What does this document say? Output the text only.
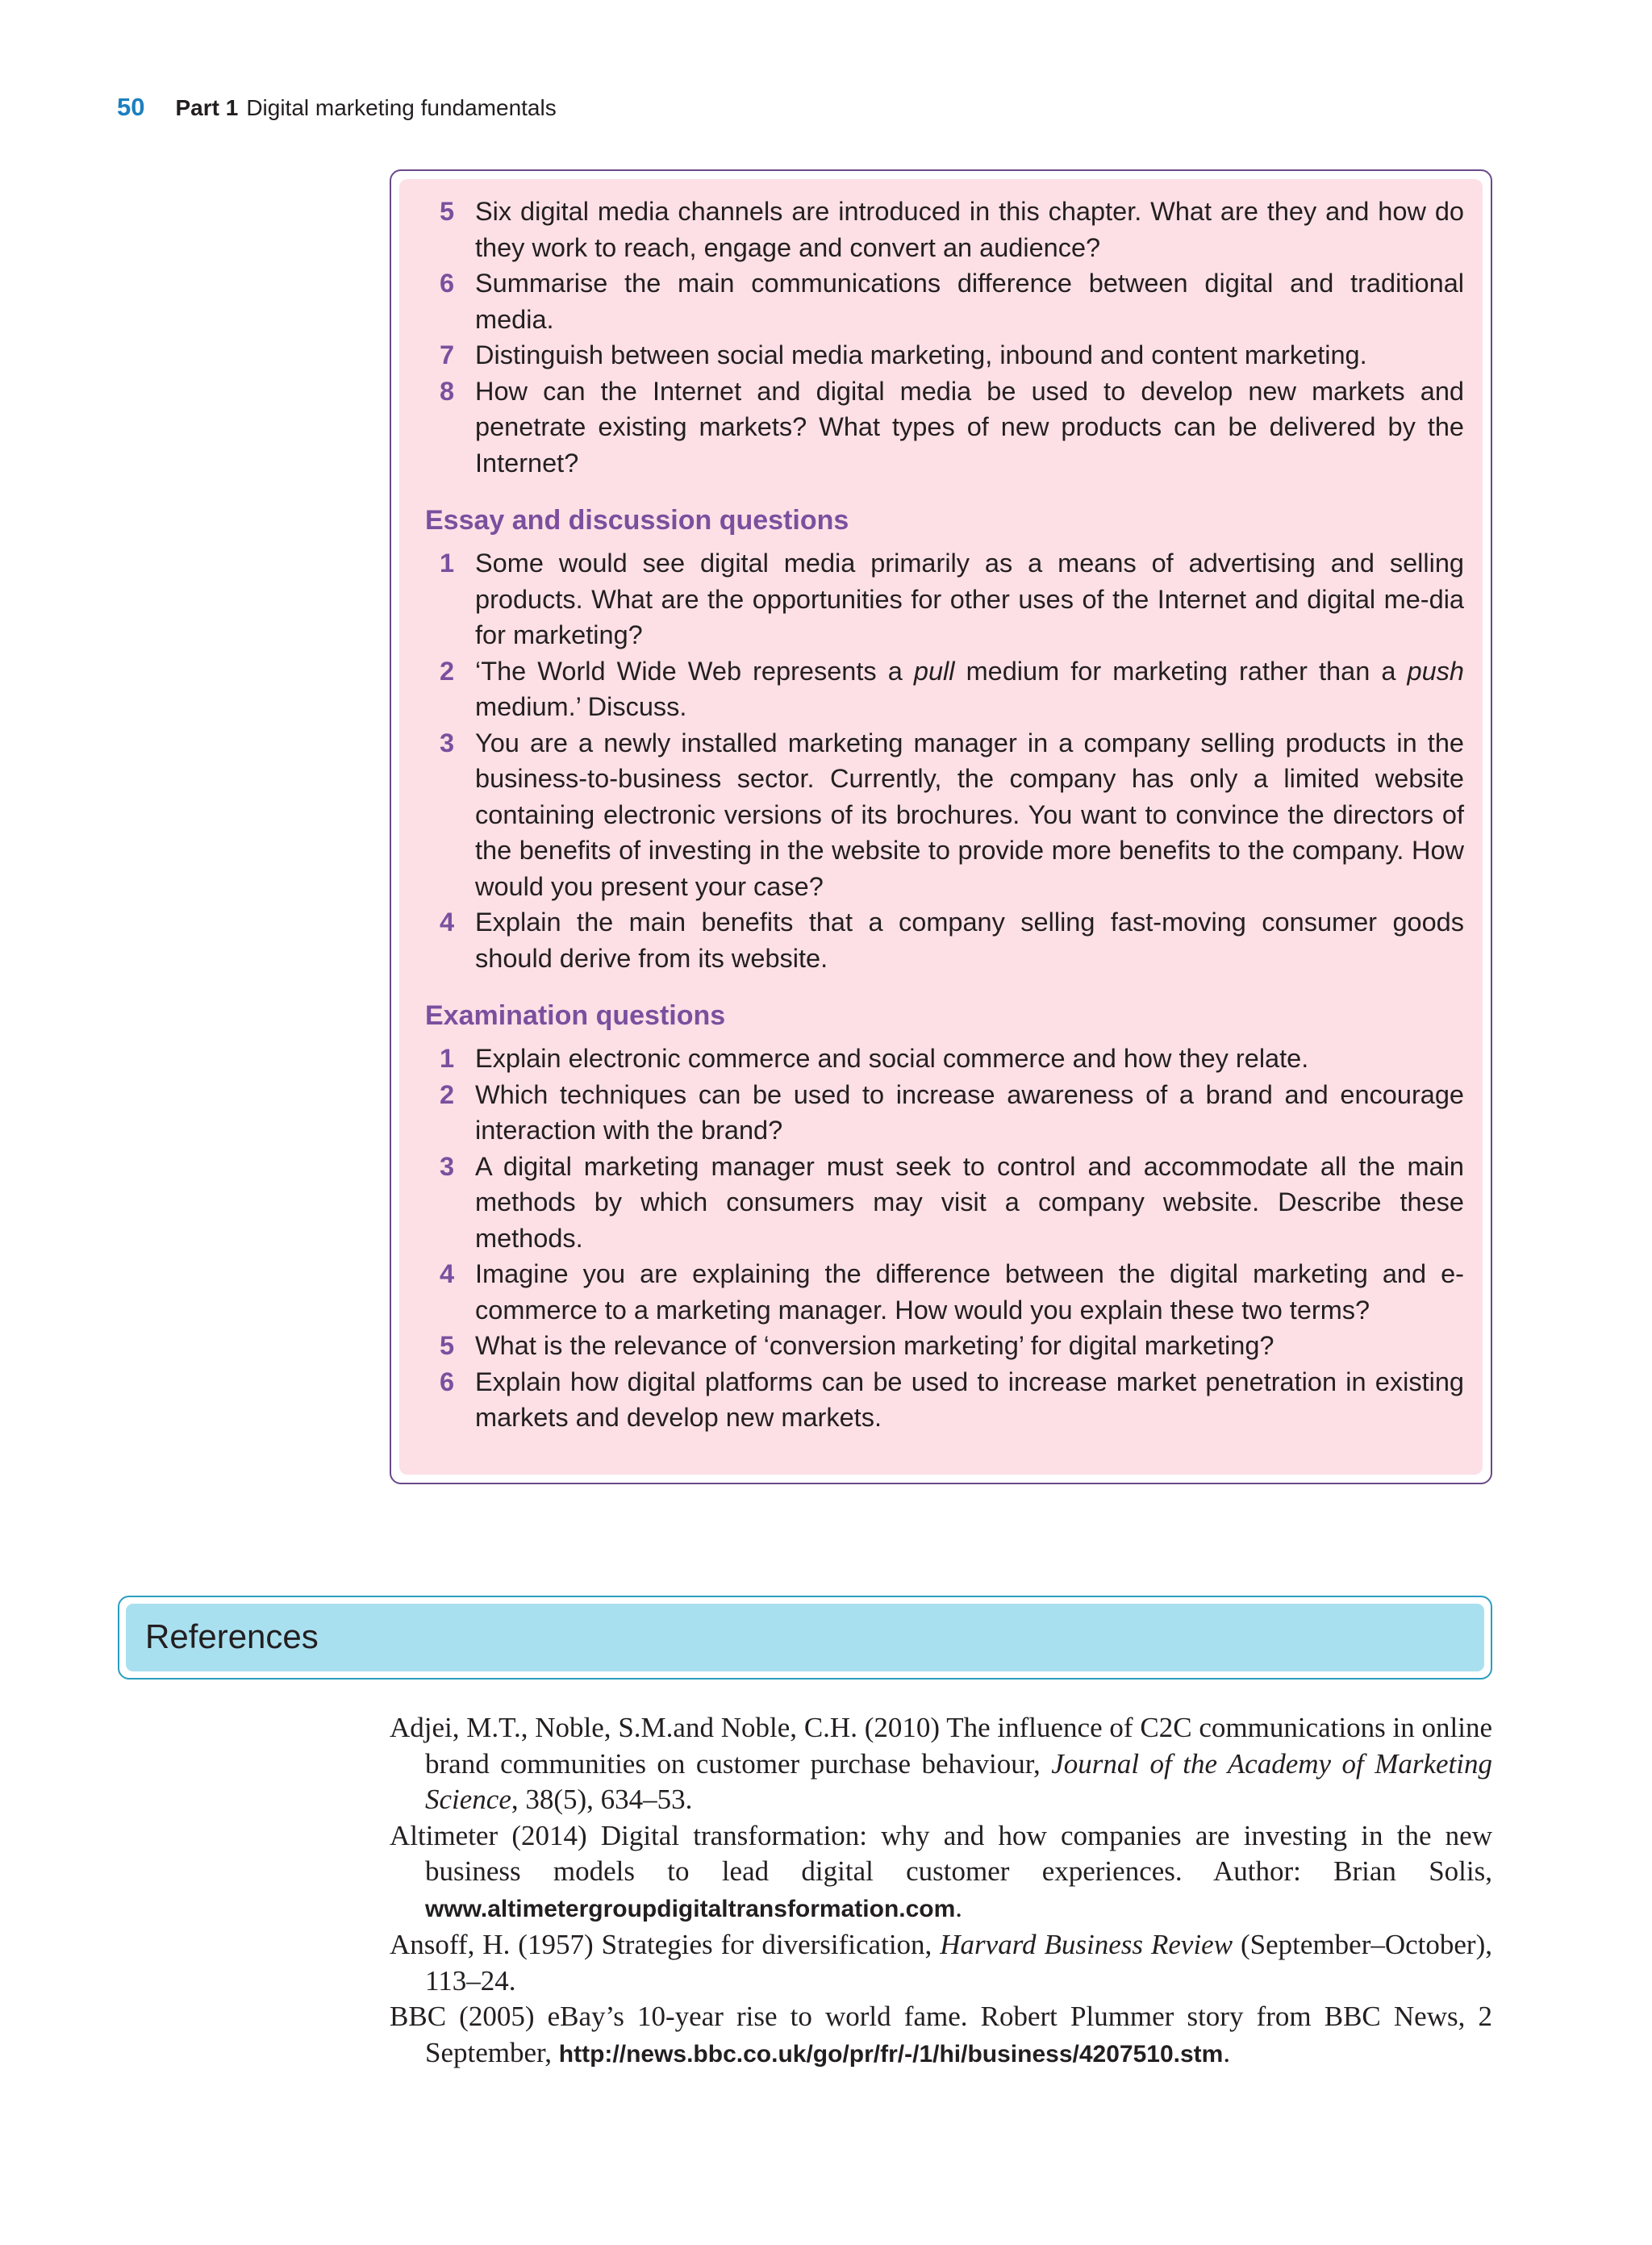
50 Part 1 Digital marketing fundamentals
5 Six digital media channels are introduced in this chapter. What are they and how do they work to reach, engage and convert an audience?
6 Summarise the main communications difference between digital and traditional media.
7 Distinguish between social media marketing, inbound and content marketing.
8 How can the Internet and digital media be used to develop new markets and penetrate existing markets? What types of new products can be delivered by the Internet?
Essay and discussion questions
1 Some would see digital media primarily as a means of advertising and selling products. What are the opportunities for other uses of the Internet and digital me-dia for marketing?
2 ‘The World Wide Web represents a pull medium for marketing rather than a push medium.’ Discuss.
3 You are a newly installed marketing manager in a company selling products in the business-to-business sector. Currently, the company has only a limited website containing electronic versions of its brochures. You want to convince the directors of the benefits of investing in the website to provide more benefits to the company. How would you present your case?
4 Explain the main benefits that a company selling fast-moving consumer goods should derive from its website.
Examination questions
1 Explain electronic commerce and social commerce and how they relate.
2 Which techniques can be used to increase awareness of a brand and encourage interaction with the brand?
3 A digital marketing manager must seek to control and accommodate all the main methods by which consumers may visit a company website. Describe these methods.
4 Imagine you are explaining the difference between the digital marketing and e-commerce to a marketing manager. How would you explain these two terms?
5 What is the relevance of ‘conversion marketing’ for digital marketing?
6 Explain how digital platforms can be used to increase market penetration in existing markets and develop new markets.
References
Adjei, M.T., Noble, S.M.and Noble, C.H. (2010) The influence of C2C communications in online brand communities on customer purchase behaviour, Journal of the Academy of Marketing Science, 38(5), 634–53.
Altimeter (2014) Digital transformation: why and how companies are investing in the new business models to lead digital customer experiences. Author: Brian Solis, www.altimetergroupdigitaltransformation.com.
Ansoff, H. (1957) Strategies for diversification, Harvard Business Review (September–October), 113–24.
BBC (2005) eBay’s 10-year rise to world fame. Robert Plummer story from BBC News, 2 September, http://news.bbc.co.uk/go/pr/fr/-/1/hi/business/4207510.stm.
